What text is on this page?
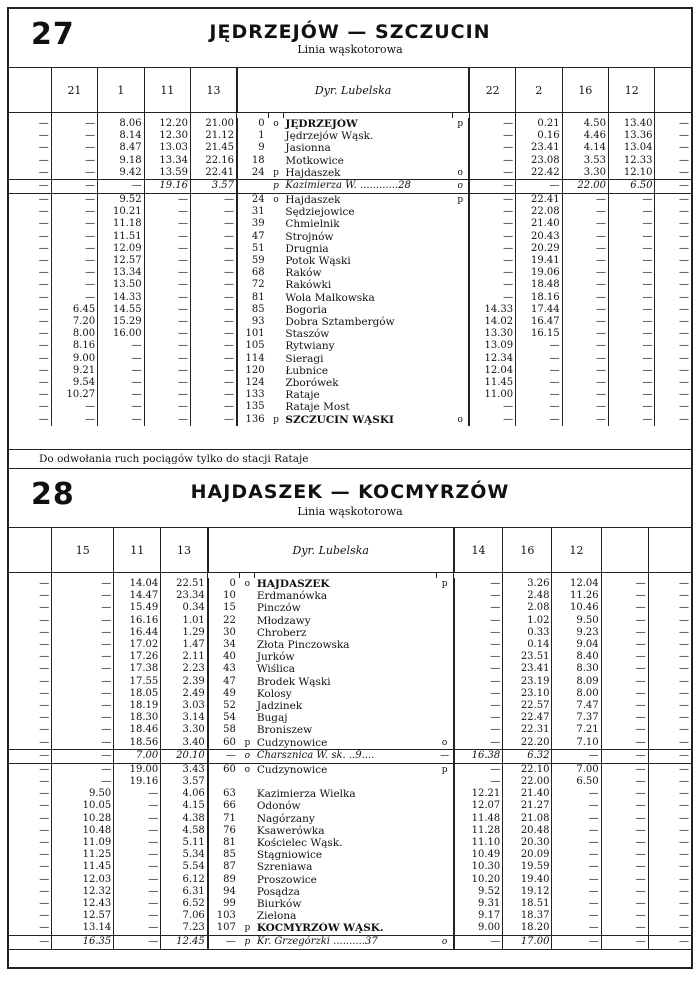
27	JĘDRZEJÓW — SZCZUCIN
Linia wąskotorowa
	21	1	11	13	Dyr. Lubelska				22	2	16	12	

—	—	8.06	12.20	21.00	0	o	JĘDRZEJÓW	p	—	0.21	4.50	13.40	—
—	—	8.14	12.30	21.12	1		Jędrzejów Wąsk.		—	0.16	4.46	13.36	—
—	—	8.47	13.03	21.45	9		Jasionna		—	23.41	4.14	13.04	—
—	—	9.18	13.34	22.16	18		Motkowice		—	23.08	3.53	12.33	—
—	—	9.42	13.59	22.41	24	p	Hajdaszek	o	—	22.42	3.30	12.10	—
—	—	—	19.16	3.57		p	Kazimierza W. ............28	o	—	—	22.00	6.50	—
—	—	9.52	—	—	24	o	Hajdaszek	p	—	22.41	—	—	—
—	—	10.21	—	—	31		Sędziejowice		—	22.08	—	—	—
—	—	11.18	—	—	39		Chmielnik		—	21.40	—	—	—
—	—	11.51	—	—	47		Strojnów		—	20.43	—	—	—
—	—	12.09	—	—	51		Drugnia		—	20.29	—	—	—
—	—	12.57	—	—	59		Potok Wąski		—	19.41	—	—	—
—	—	13.34	—	—	68		Raków		—	19.06	—	—	—
—	—	13.50	—	—	72		Rakówki		—	18.48	—	—	—
—	—	14.33	—	—	81		Wola Malkowska		—	18.16	—	—	—
—	6.45	14.55	—	—	85		Bogoria		14.33	17.44	—	—	—
—	7.20	15.29	—	—	93		Dobra Sztambergów		14.02	16.47	—	—	—
—	8.00	16.00	—	—	101		Staszów		13.30	16.15	—	—	—
—	8.16	—	—	—	105		Rytwiany		13.09	—	—	—	—
—	9.00	—	—	—	114		Sieragi		12.34	—	—	—	—
—	9.21	—	—	—	120		Łubnice		12.04	—	—	—	—
—	9.54	—	—	—	124		Zborówek		11.45	—	—	—	—
—	10.27	—	—	—	133		Rataje		11.00	—	—	—	—
—	—	—	—	—	135		Rataje Most		—	—	—	—	—
—	—	—	—	—	136	p	SZCZUCIN WĄSKI	o	—	—	—	—	—
Do odwołania ruch pociągów tylko do stacji Rataje
28	HAJDASZEK — KOCMYRZÓW
Linia wąskotorowa
	15	11	13	Dyr. Lubelska				14	16	12		

—	—	14.04	22.51	0	o	HAJDASZEK	p	—	3.26	12.04	—	—
—	—	14.47	23.34	10		Erdmanówka		—	2.48	11.26	—	—
—	—	15.49	0.34	15		Pinczów		—	2.08	10.46	—	—
—	—	16.16	1.01	22		Młodzawy		—	1.02	9.50	—	—
—	—	16.44	1.29	30		Chroberz		—	0.33	9.23	—	—
—	—	17.02	1.47	34		Złota Pinczowska		—	0.14	9.04	—	—
—	—	17.26	2.11	40		Jurków		—	23.51	8.40	—	—
—	—	17.38	2.23	43		Wiślica		—	23.41	8.30	—	—
—	—	17.55	2.39	47		Brodek Wąski		—	23.19	8.09	—	—
—	—	18.05	2.49	49		Kolosy		—	23.10	8.00	—	—
—	—	18.19	3.03	52		Jadzinek		—	22.57	7.47	—	—
—	—	18.30	3.14	54		Bugaj		—	22.47	7.37	—	—
—	—	18.46	3.30	58		Broniszew		—	22.31	7.21	—	—
—	—	18.56	3.40	60	p	Cudzynowice	o	—	22.20	7.10	—	—
—	—	7.00	20.10	—	o	Charsznica W. sk. ..9....	—	16.38	6.32	—	—	—
—	—	19.00	3.43	60	o	Cudzynowice	p	—	22.10	7.00	—	—
—	—	19.16	3.57					—	22.00	6.50	—	—
—	9.50	—	4.06	63		Kazimierza Wielka		12.21	21.40	—	—	—
—	10.05	—	4.15	66		Odonów		12.07	21.27	—	—	—
—	10.28	—	4.38	71		Nagórzany		11.48	21.08	—	—	—
—	10.48	—	4.58	76		Ksawerówka		11.28	20.48	—	—	—
—	11.09	—	5.11	81		Kościelec Wąsk.		11.10	20.30	—	—	—
—	11.25	—	5.34	85		Stągniowice		10.49	20.09	—	—	—
—	11.45	—	5.54	87		Szreniawa		10.30	19.59	—	—	—
—	12.03	—	6.12	89		Proszowice		10.20	19.40	—	—	—
—	12.32	—	6.31	94		Posądza		9.52	19.12	—	—	—
—	12.43	—	6.52	99		Biurków		9.31	18.51	—	—	—
—	12.57	—	7.06	103		Zielona		9.17	18.37	—	—	—
—	13.14	—	7.23	107	p	KOCMYRZÓW WĄSK.		9.00	18.20	—	—	—
—	16.35	—	12.45	—	p	Kr. Grzegórzki ..........37	o	—	17.00	—	—	—
